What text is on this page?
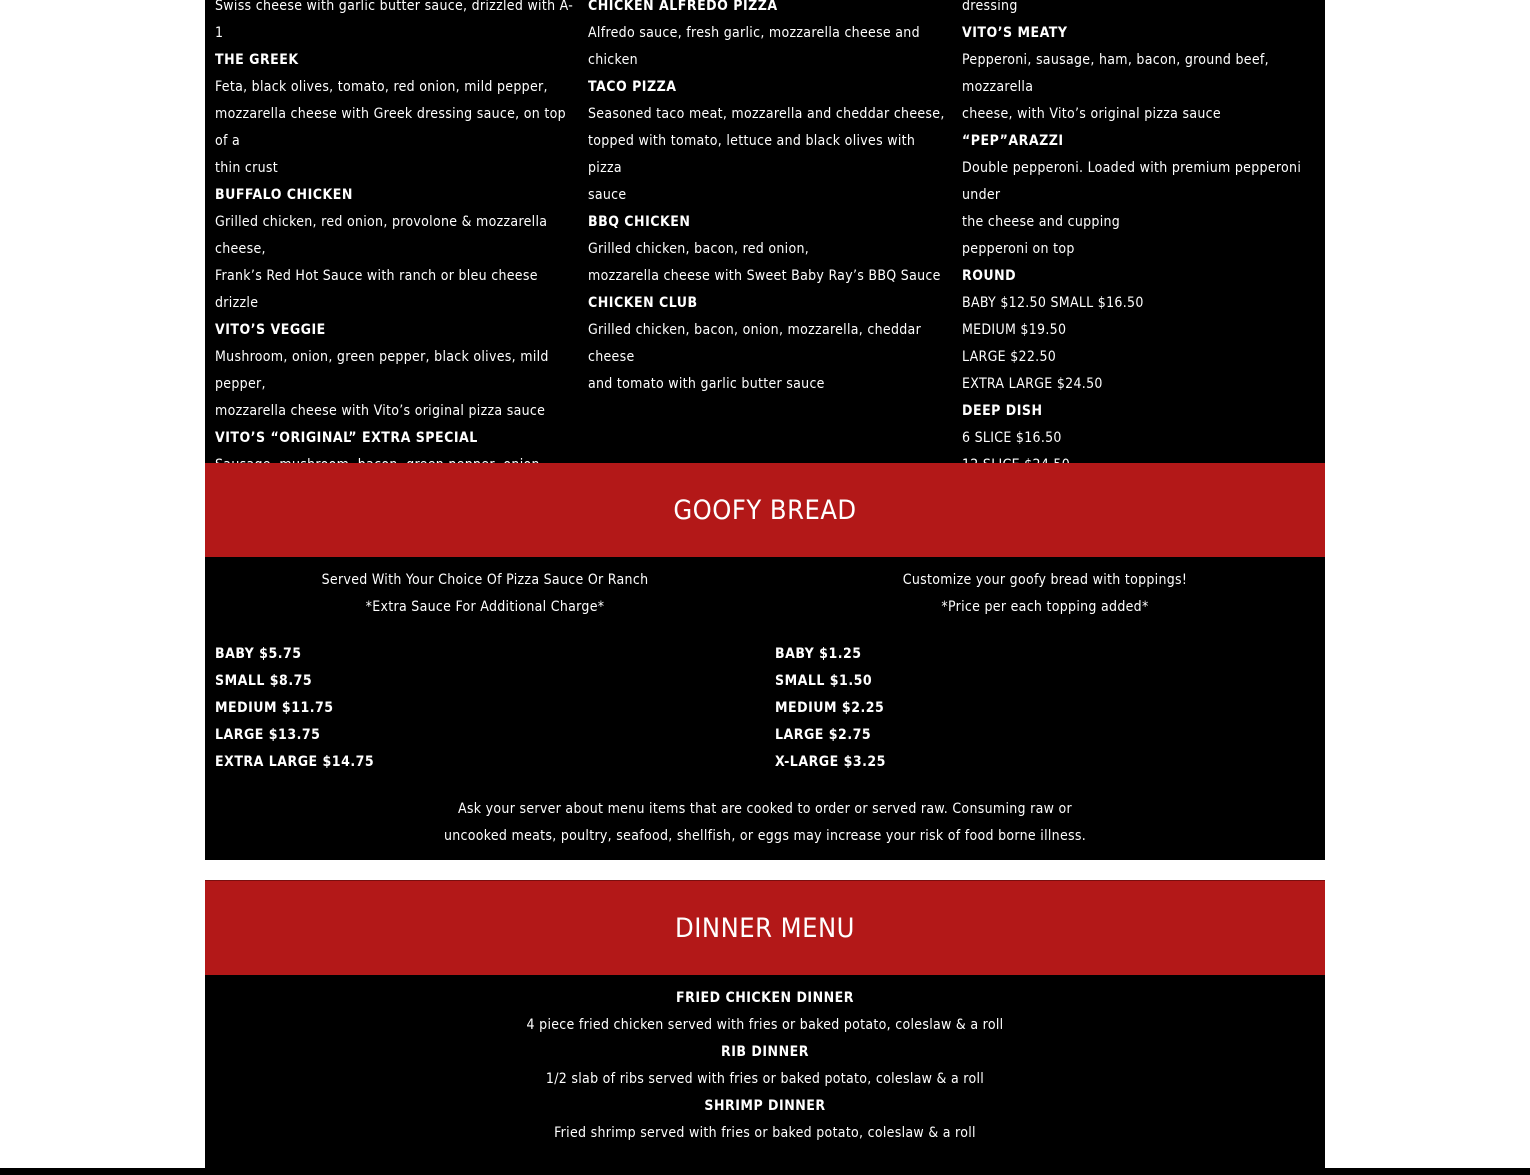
Swiss cheese with garlic butter sauce, drizzled with A-1
THE GREEK
Feta, black olives, tomato, red onion, mild pepper,
mozzarella cheese with Greek dressing sauce, on top of a
thin crust
BUFFALO CHICKEN
Grilled chicken, red onion, provolone & mozzarella cheese,
Frank’s Red Hot Sauce with ranch or bleu cheese drizzle
VITO’S VEGGIE
Mushroom, onion, green pepper, black olives, mild pepper,
mozzarella cheese with Vito’s original pizza sauce
VITO’S “ORIGINAL” EXTRA SPECIAL
CHICKEN ALFREDO PIZZA
Alfredo sauce, fresh garlic, mozzarella cheese and chicken
TACO PIZZA
Seasoned taco meat, mozzarella and cheddar cheese,
topped with tomato, lettuce and black olives with pizza
sauce
BBQ CHICKEN
Grilled chicken, bacon, red onion,
mozzarella cheese with Sweet Baby Ray’s BBQ Sauce
CHICKEN CLUB
Grilled chicken, bacon, onion, mozzarella, cheddar cheese
and tomato with garlic butter sauce
dressing
VITO’S MEATY
Pepperoni, sausage, ham, bacon, ground beef, mozzarella
cheese, with Vito’s original pizza sauce
“PEP”ARAZZI
Double pepperoni. Loaded with premium pepperoni under
the cheese and cupping
pepperoni on top
ROUND
BABY $12.50 SMALL $16.50
MEDIUM $19.50
LARGE $22.50
EXTRA LARGE $24.50
DEEP DISH
6 SLICE $16.50
GOOFY BREAD
Served With Your Choice Of Pizza Sauce Or Ranch
*Extra Sauce For Additional Charge*
Customize your goofy bread with toppings!
*Price per each topping added*
BABY $5.75
SMALL $8.75
MEDIUM $11.75
LARGE $13.75
EXTRA LARGE $14.75
BABY $1.25
SMALL $1.50
MEDIUM $2.25
LARGE $2.75
X-LARGE $3.25
Ask your server about menu items that are cooked to order or served raw. Consuming raw or
uncooked meats, poultry, seafood, shellfish, or eggs may increase your risk of food borne illness.
DINNER MENU
FRIED CHICKEN DINNER
4 piece fried chicken served with fries or baked potato, coleslaw & a roll
RIB DINNER
1/2 slab of ribs served with fries or baked potato, coleslaw & a roll
SHRIMP DINNER
Fried shrimp served with fries or baked potato, coleslaw & a roll
